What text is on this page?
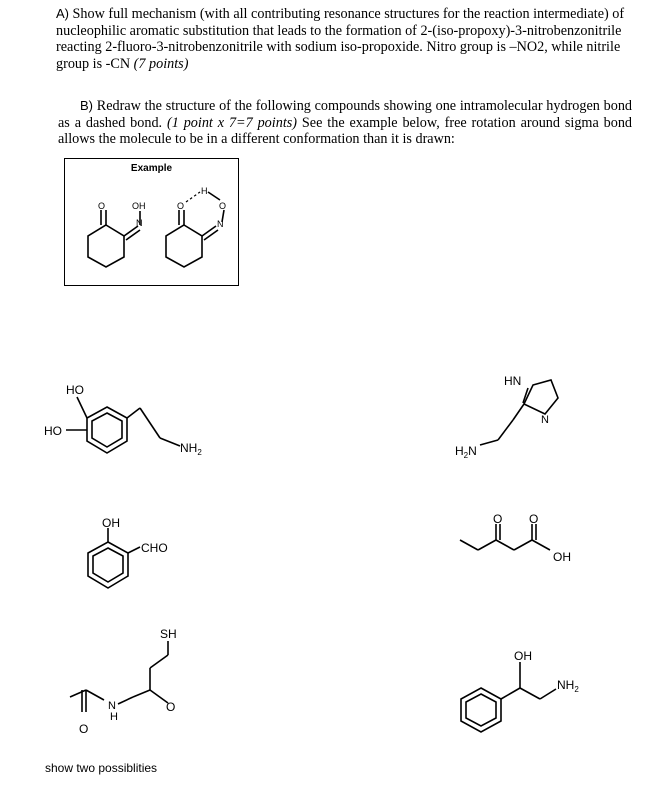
A) Show full mechanism (with all contributing resonance structures for the reaction intermediate) of nucleophilic aromatic substitution that leads to the formation of 2-(iso-propoxy)-3-nitrobenzonitrile reacting 2-fluoro-3-nitrobenzonitrile with sodium iso-propoxide. Nitro group is –NO2, while nitrile group is -CN (7 points)
B) Redraw the structure of the following compounds showing one intramolecular hydrogen bond as a dashed bond. (1 point x 7=7 points) See the example below, free rotation around sigma bond allows the molecule to be in a different conformation than it is drawn:
Example
O	OH
N
O
H
O
N
HO
HO
$NH_2$
HN
N
$H_2N$
OH
CHO
O O
OH
SH
O
O
N
H
OH
$NH_2$
show two possiblities
